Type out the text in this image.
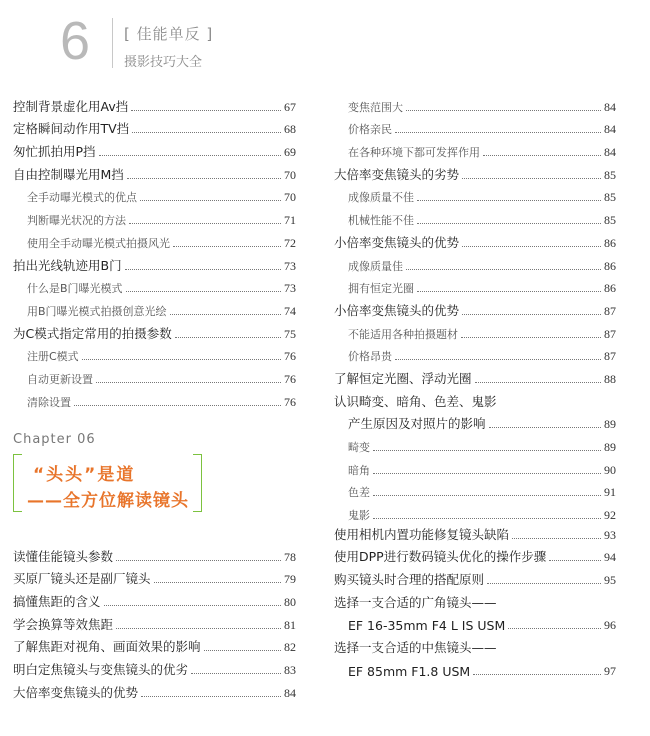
6 [ 佳能单反 ]
摄影技巧大全
控制背景虚化用Av挡	67
定格瞬间动作用TV挡	68
匆忙抓拍用P挡	69
自由控制曝光用M挡	70
全手动曝光模式的优点	70
判断曝光状况的方法	71
使用全手动曝光模式拍摄风光	72
拍出光线轨迹用B门	73
什么是B门曝光模式	73
用B门曝光模式拍摄创意光绘	74
为C模式指定常用的拍摄参数	75
注册C模式	76
自动更新设置	76
清除设置	76
Chapter 06
“头头”是道
——全方位解读镜头
读懂佳能镜头参数	78
买原厂镜头还是副厂镜头	79
搞懂焦距的含义	80
学会换算等效焦距	81
了解焦距对视角、画面效果的影响	82
明白定焦镜头与变焦镜头的优劣	83
大倍率变焦镜头的优势	84
变焦范围大	84
价格亲民	84
在各种环境下都可发挥作用	84
大倍率变焦镜头的劣势	85
成像质量不佳	85
机械性能不佳	85
小倍率变焦镜头的优势	86
成像质量佳	86
拥有恒定光圈	86
小倍率变焦镜头的优势	87
不能适用各种拍摄题材	87
价格昂贵	87
了解恒定光圈、浮动光圈	88
认识畸变、暗角、色差、鬼影
产生原因及对照片的影响	89
畸变	89
暗角	90
色差	91
鬼影	92
使用相机内置功能修复镜头缺陷	93
使用DPP进行数码镜头优化的操作步骤	94
购买镜头时合理的搭配原则	95
选择一支合适的广角镜头——
EF 16-35mm F4 L IS USM	96
选择一支合适的中焦镜头——
EF 85mm F1.8 USM	97
